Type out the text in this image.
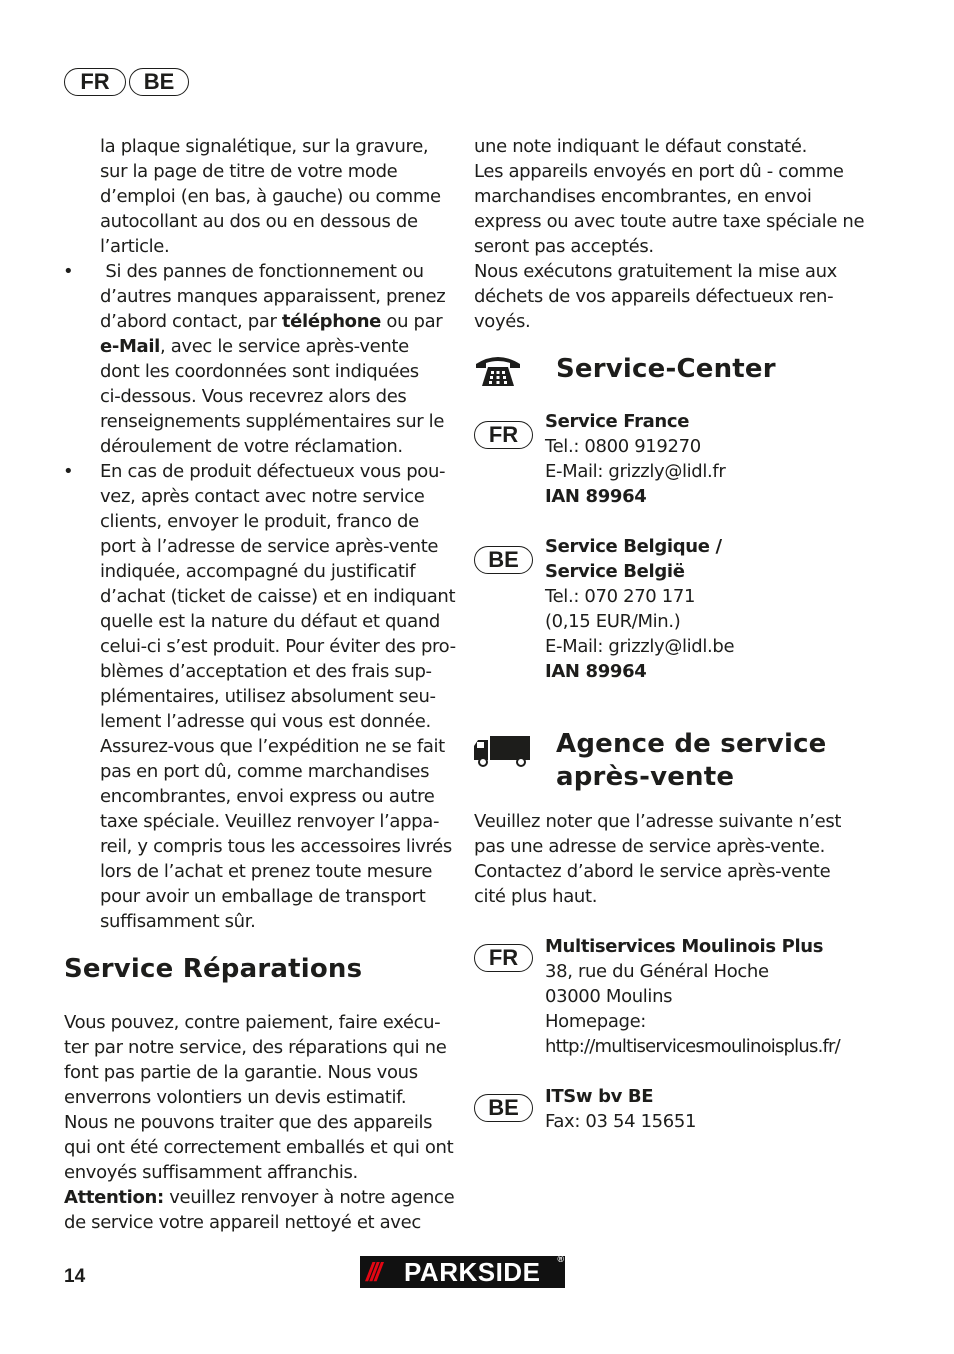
FR	BE

la plaque signalétique, sur la gravure,

sur la page de titre de votre mode

d’emploi (en bas, à gauche) ou comme

autocollant au dos ou en dessous de

l’article.

• Si des pannes de fonctionnement ou

d’autres manques apparaissent, prenez

d’abord contact, par téléphone ou par

e-Mail, avec le service après-vente

dont les coordonnées sont indiquées

ci-dessous. Vous recevrez alors des

renseignements supplémentaires sur le

déroulement de votre réclamation.

• En cas de produit défectueux vous pou-

vez, après contact avec notre service

clients, envoyer le produit, franco de

port à l’adresse de service après-vente

indiquée, accompagné du justificatif

d’achat (ticket de caisse) et en indiquant

quelle est la nature du défaut et quand

celui-ci s’est produit. Pour éviter des pro-

blèmes d’acceptation et des frais sup-

plémentaires, utilisez absolument seu-

lement l’adresse qui vous est donnée.

Assurez-vous que l’expédition ne se fait

pas en port dû, comme marchandises

encombrantes, envoi express ou autre

taxe spéciale. Veuillez renvoyer l’appa-

reil, y compris tous les accessoires livrés

lors de l’achat et prenez toute mesure

pour avoir un emballage de transport

suffisamment sûr.

Service Réparations

Vous pouvez, contre paiement, faire exécu-

ter par notre service, des réparations qui ne

font pas partie de la garantie. Nous vous

enverrons volontiers un devis estimatif.

Nous ne pouvons traiter que des appareils

qui ont été correctement emballés et qui ont

envoyés suffisamment affranchis.

Attention: veuillez renvoyer à notre agence

de service votre appareil nettoyé et avec

une note indiquant le défaut constaté.

Les appareils envoyés en port dû - comme

marchandises encombrantes, en envoi

express ou avec toute autre taxe spéciale ne

seront pas acceptés.

Nous exécutons gratuitement la mise aux

déchets de vos appareils défectueux ren-

voyés.

Service-Center
FR

Service France

Tel.: 0800 919270

E-Mail: grizzly@lidl.fr

IAN 89964

BE

Service Belgique /

Service België

Tel.: 070 270 171

(0,15 EUR/Min.)

E-Mail: grizzly@lidl.be

IAN 89964

Agence de service
après-vente

Veuillez noter que l’adresse suivante n’est

pas une adresse de service après-vente.

Contactez d’abord le service après-vente

cité plus haut.

FR	Multiservices Moulinois Plus

38, rue du Général Hoche

03000 Moulins

Homepage:

http://multiservicesmoulinoisplus.fr/

BE	ITSw bv BE

Fax: 03 54 15651

14	/// PARKSIDE ®
